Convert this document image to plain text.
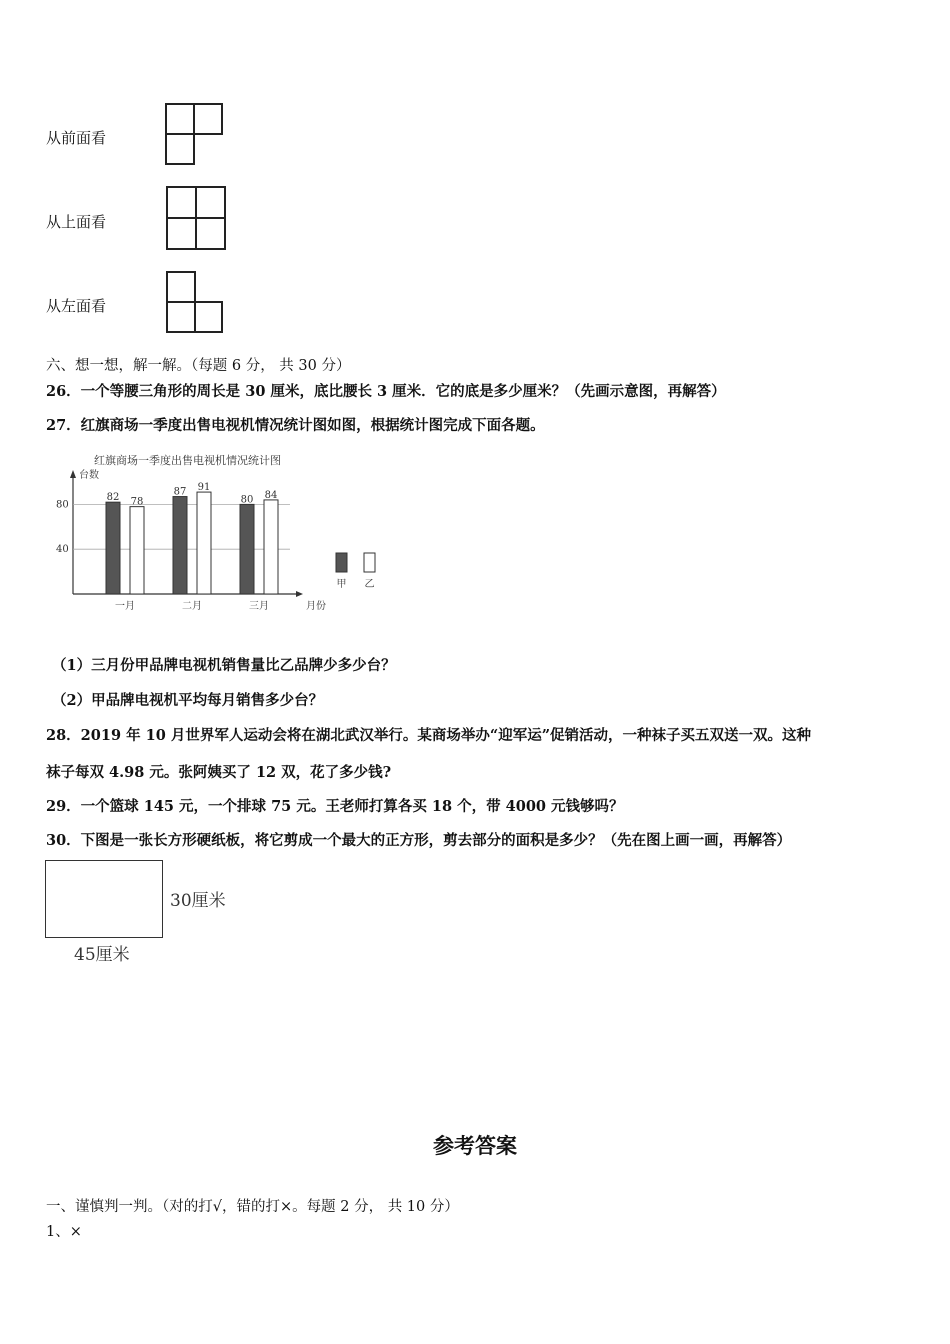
从前面看
从上面看
从左面看
六、想一想，解一解。（每题 6 分， 共 30 分）
26．一个等腰三角形的周长是 30 厘米，底比腰长 3 厘米．它的底是多少厘米？（先画示意图，再解答）
27．红旗商场一季度出售电视机情况统计图如图，根据统计图完成下面各题。
红旗商场一季度出售电视机情况统计图
台数
月份
40
80
82 78
一月
87 91
二月
80 84
三月
甲 乙
（1）三月份甲品牌电视机销售量比乙品牌少多少台？
（2）甲品牌电视机平均每月销售多少台？
28．2019 年 10 月世界军人运动会将在湖北武汉举行。某商场举办“迎军运”促销活动，一种袜子买五双送一双。这种
袜子每双 4.98 元。张阿姨买了 12 双，花了多少钱?
29．一个篮球 145 元，一个排球 75 元。王老师打算各买 18 个，带 4000 元钱够吗？
30．下图是一张长方形硬纸板，将它剪成一个最大的正方形，剪去部分的面积是多少？（先在图上画一画，再解答）
30厘米
45厘米
参考答案
一、谨慎判一判。（对的打√，错的打×。每题 2 分， 共 10 分）
1、×
